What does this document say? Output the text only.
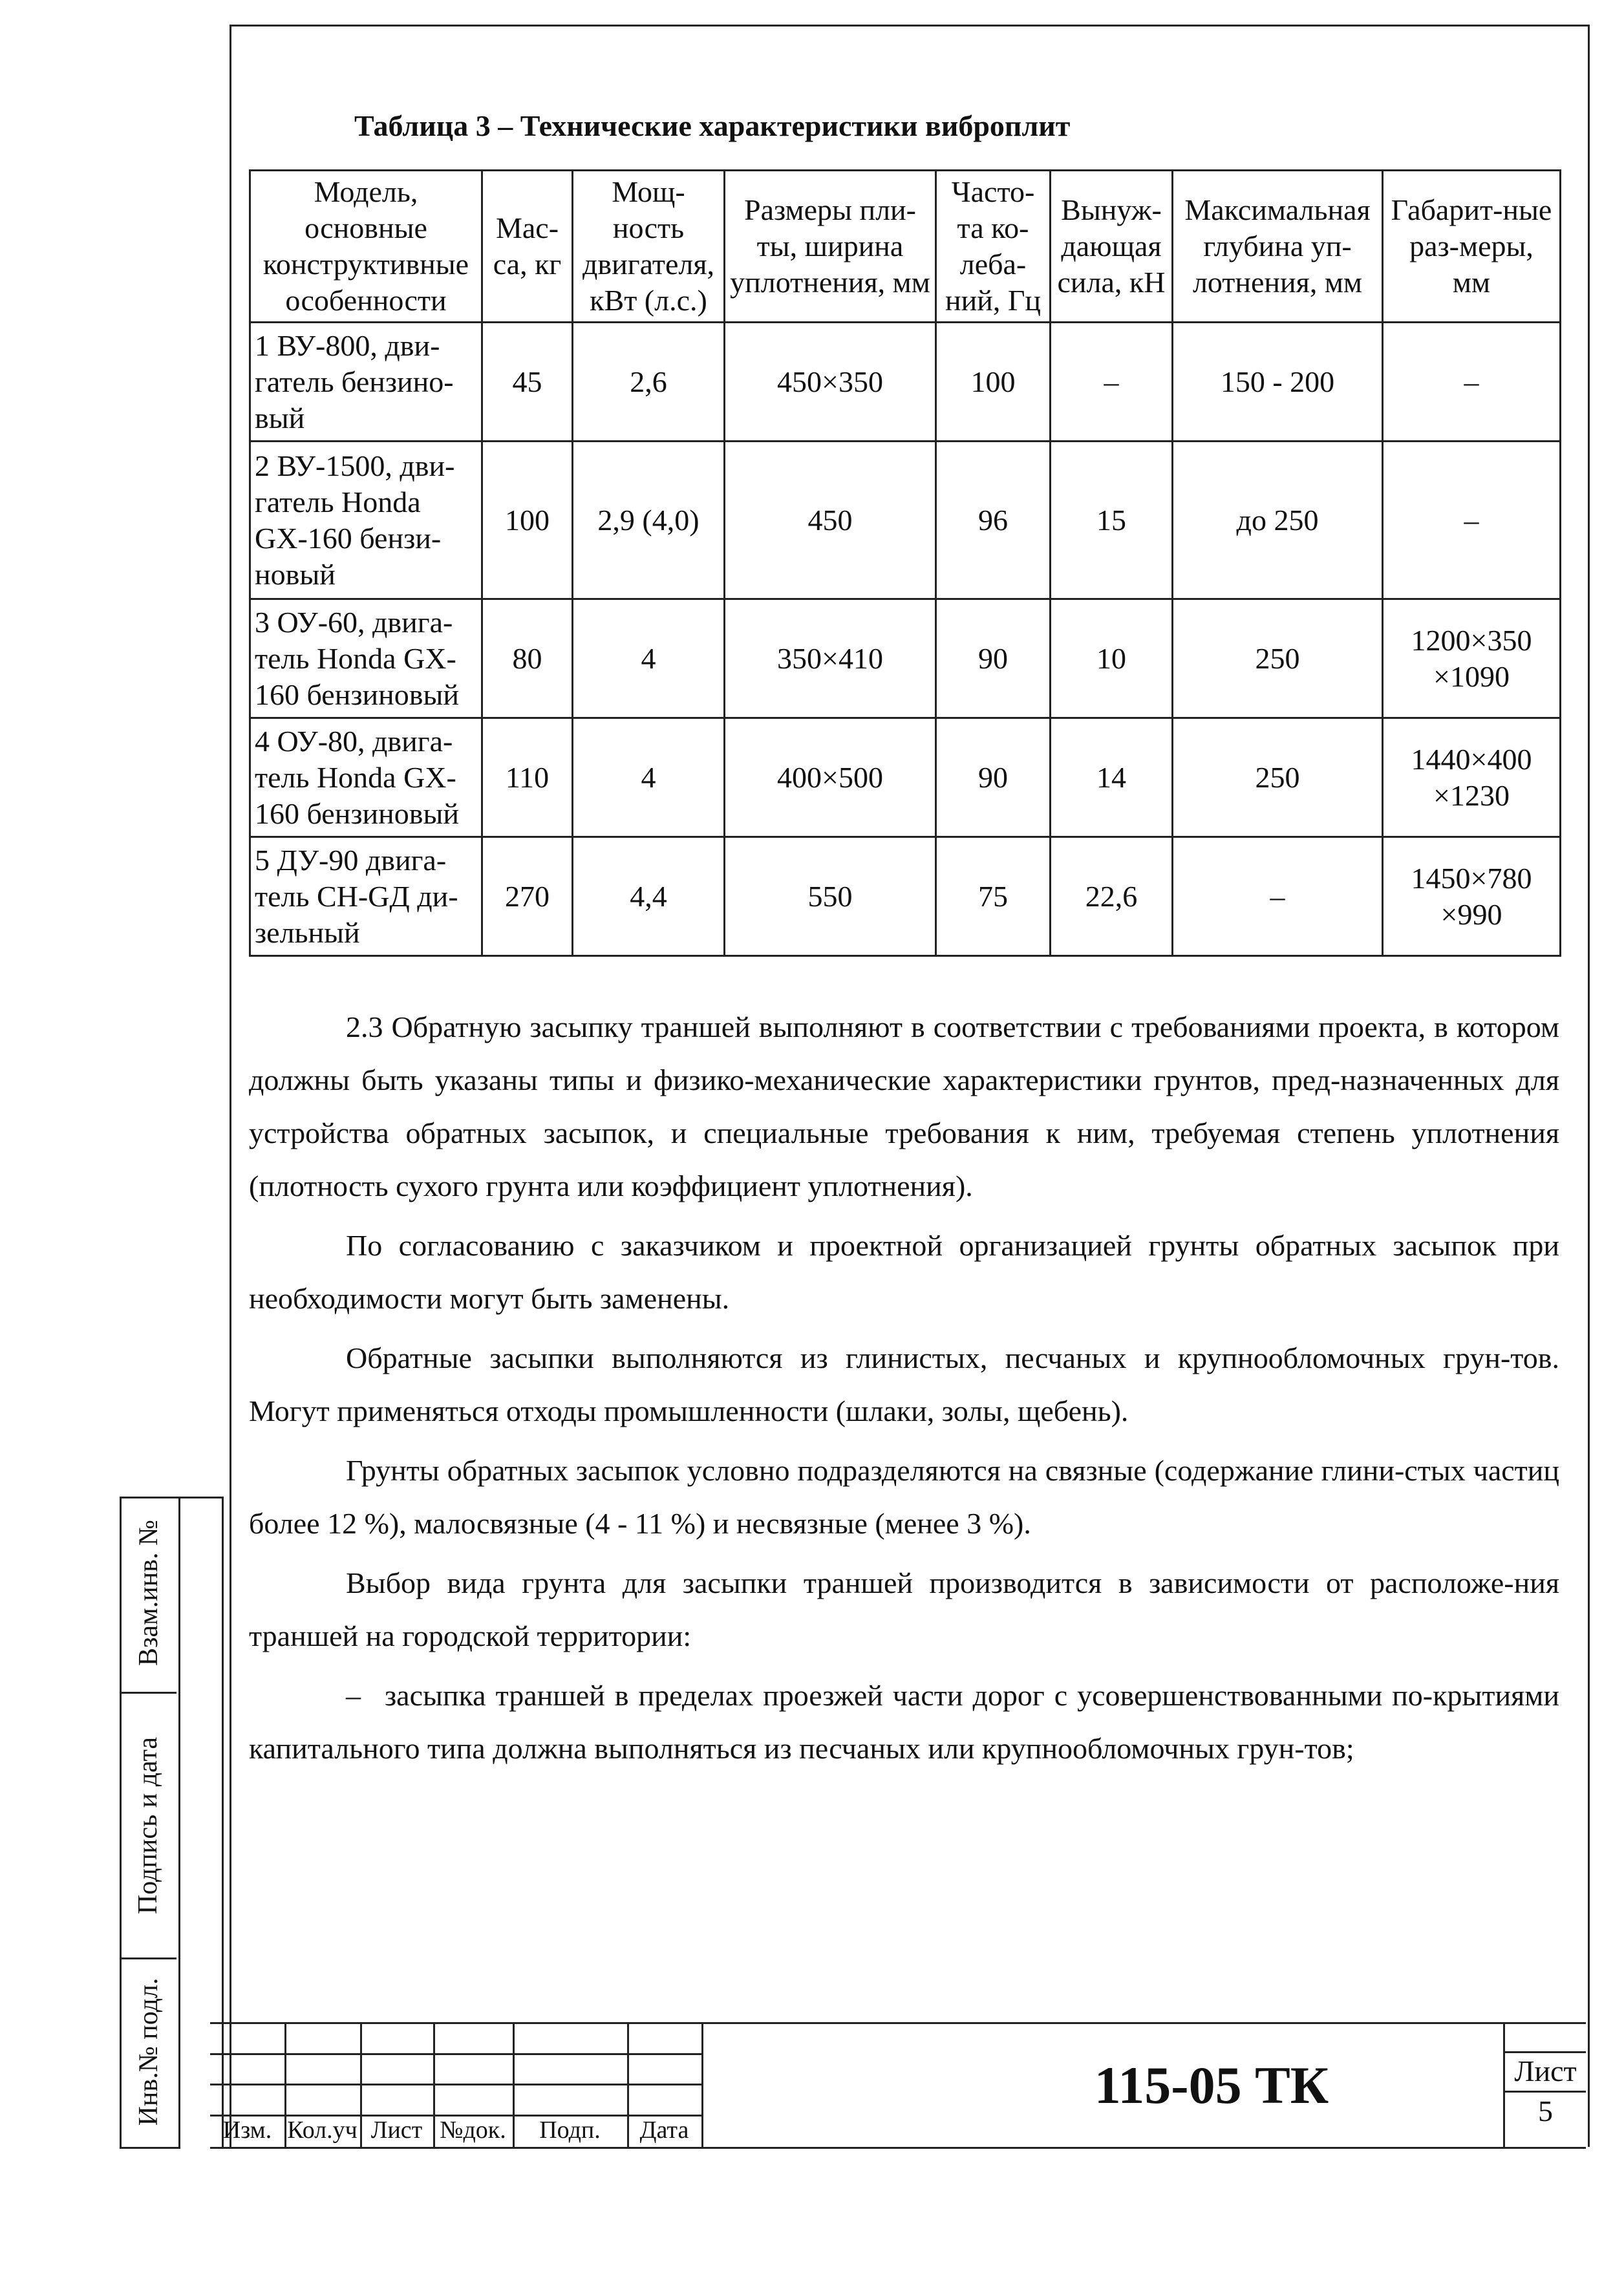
Таблица 3 – Технические характеристики виброплит
Модель, основные конструктивные особенности	Мас-са, кг	Мощ-ность двигателя, кВт (л.с.)	Размеры пли-ты, ширина уплотнения, мм	Часто-та ко-леба-ний, Гц	Вынуж-дающая сила, кН	Максимальная глубина уп-лотнения, мм	Габарит-ные раз-меры, мм
1 ВУ-800, дви-гатель бензино-вый	45	2,6	450×350	100	–	150 - 200	–
2 ВУ-1500, дви-гатель Honda GX-160 бензи-новый	100	2,9 (4,0)	450	96	15	до 250	–
3 ОУ-60, двига-тель Honda GX-160 бензиновый	80	4	350×410	90	10	250	1200×350 ×1090
4 ОУ-80, двига-тель Honda GX-160 бензиновый	110	4	400×500	90	14	250	1440×400 ×1230
5 ДУ-90 двига-тель CH-GД ди-зельный	270	4,4	550	75	22,6	–	1450×780 ×990

2.3 Обратную засыпку траншей выполняют в соответствии с требованиями проекта, в котором должны быть указаны типы и физико-механические характеристики грунтов, пред-назначенных для устройства обратных засыпок, и специальные требования к ним, требуемая степень уплотнения (плотность сухого грунта или коэффициент уплотнения).

По согласованию с заказчиком и проектной организацией грунты обратных засыпок при необходимости могут быть заменены.

Обратные засыпки выполняются из глинистых, песчаных и крупнообломочных грун-тов. Могут применяться отходы промышленности (шлаки, золы, щебень).

Грунты обратных засыпок условно подразделяются на связные (содержание глини-стых частиц более 12 %), малосвязные (4 - 11 %) и несвязные (менее 3 %).

Выбор вида грунта для засыпки траншей производится в зависимости от расположе-ния траншей на городской территории:

– засыпка траншей в пределах проезжей части дорог с усовершенствованными по-крытиями капитального типа должна выполняться из песчаных или крупнообломочных грун-тов;

Взам.инв. №
Подпись и дата
Инв.№ подл.
Изм. Кол.уч Лист №док.	Подп.	Дата
115-05 ТК	Лист
5
